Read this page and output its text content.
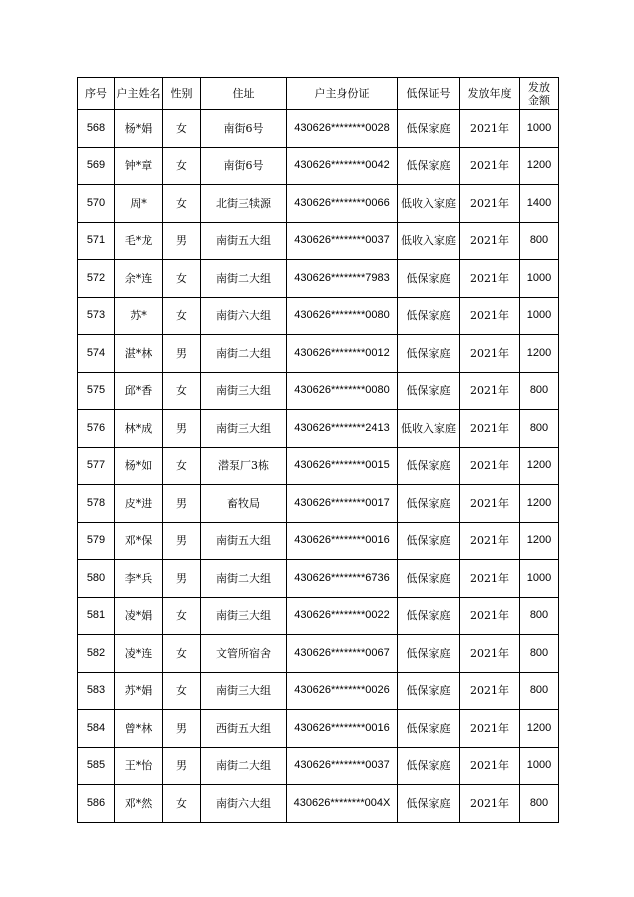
序号	户主姓名	性别	住址	户主身份证	低保证号	发放年度	发放
金额

568	杨*娟	女	南街6号	430626********0028	低保家庭	2021年	1000
569	钟*章	女	南街6号	430626********0042	低保家庭	2021年	1200
570	周*	女	北街三犊源	430626********0066	低收入家庭	2021年	1400
571	毛*龙	男	南街五大组	430626********0037	低收入家庭	2021年	800
572	余*连	女	南街二大组	430626********7983	低保家庭	2021年	1000
573	苏*	女	南街六大组	430626********0080	低保家庭	2021年	1000
574	湛*林	男	南街二大组	430626********0012	低保家庭	2021年	1200
575	邱*香	女	南街三大组	430626********0080	低保家庭	2021年	800
576	林*成	男	南街三大组	430626********2413	低收入家庭	2021年	800
577	杨*如	女	潜泵厂3栋	430626********0015	低保家庭	2021年	1200
578	皮*进	男	畜牧局	430626********0017	低保家庭	2021年	1200
579	邓*保	男	南街五大组	430626********0016	低保家庭	2021年	1200
580	李*兵	男	南街二大组	430626********6736	低保家庭	2021年	1000
581	凌*娟	女	南街三大组	430626********0022	低保家庭	2021年	800
582	凌*连	女	文管所宿舍	430626********0067	低保家庭	2021年	800
583	苏*娟	女	南街三大组	430626********0026	低保家庭	2021年	800
584	曾*林	男	西街五大组	430626********0016	低保家庭	2021年	1200
585	王*怡	男	南街二大组	430626********0037	低保家庭	2021年	1000
586	邓*然	女	南街六大组	430626********004X	低保家庭	2021年	800
